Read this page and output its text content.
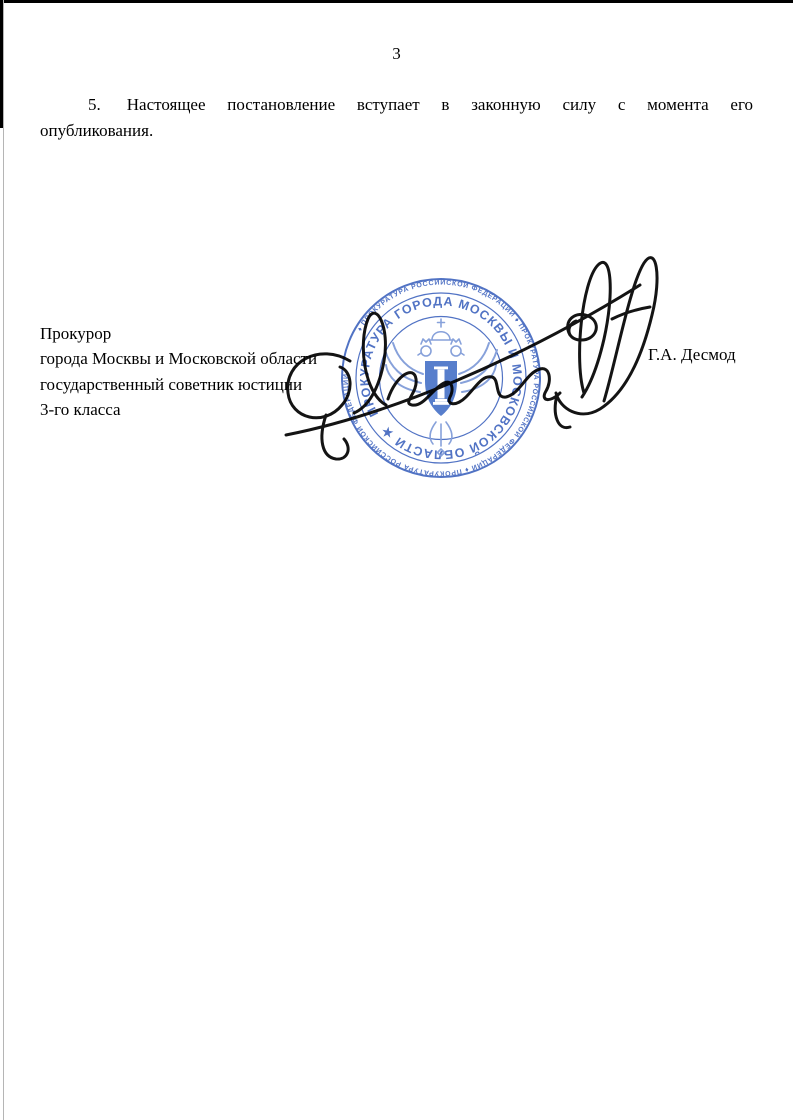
3
5. Настоящее постановление вступает в законную силу с момента его
опубликования.
Прокурор
города Москвы и Московской области
государственный советник юстиции
3-го класса
Г.А. Десмод
♦ ПРОКУРАТУРА РОССИЙСКОЙ ФЕДЕРАЦИИ ♦ ПРОКУРАТУРА РОССИЙСКОЙ ФЕДЕРАЦИИ ♦ ПРОКУРАТУРА РОССИЙСКОЙ ФЕДЕРАЦИИ
ПРОКУРАТУРА ГОРОДА МОСКВЫ И МОСКОВСКОЙ ОБЛАСТИ ★
